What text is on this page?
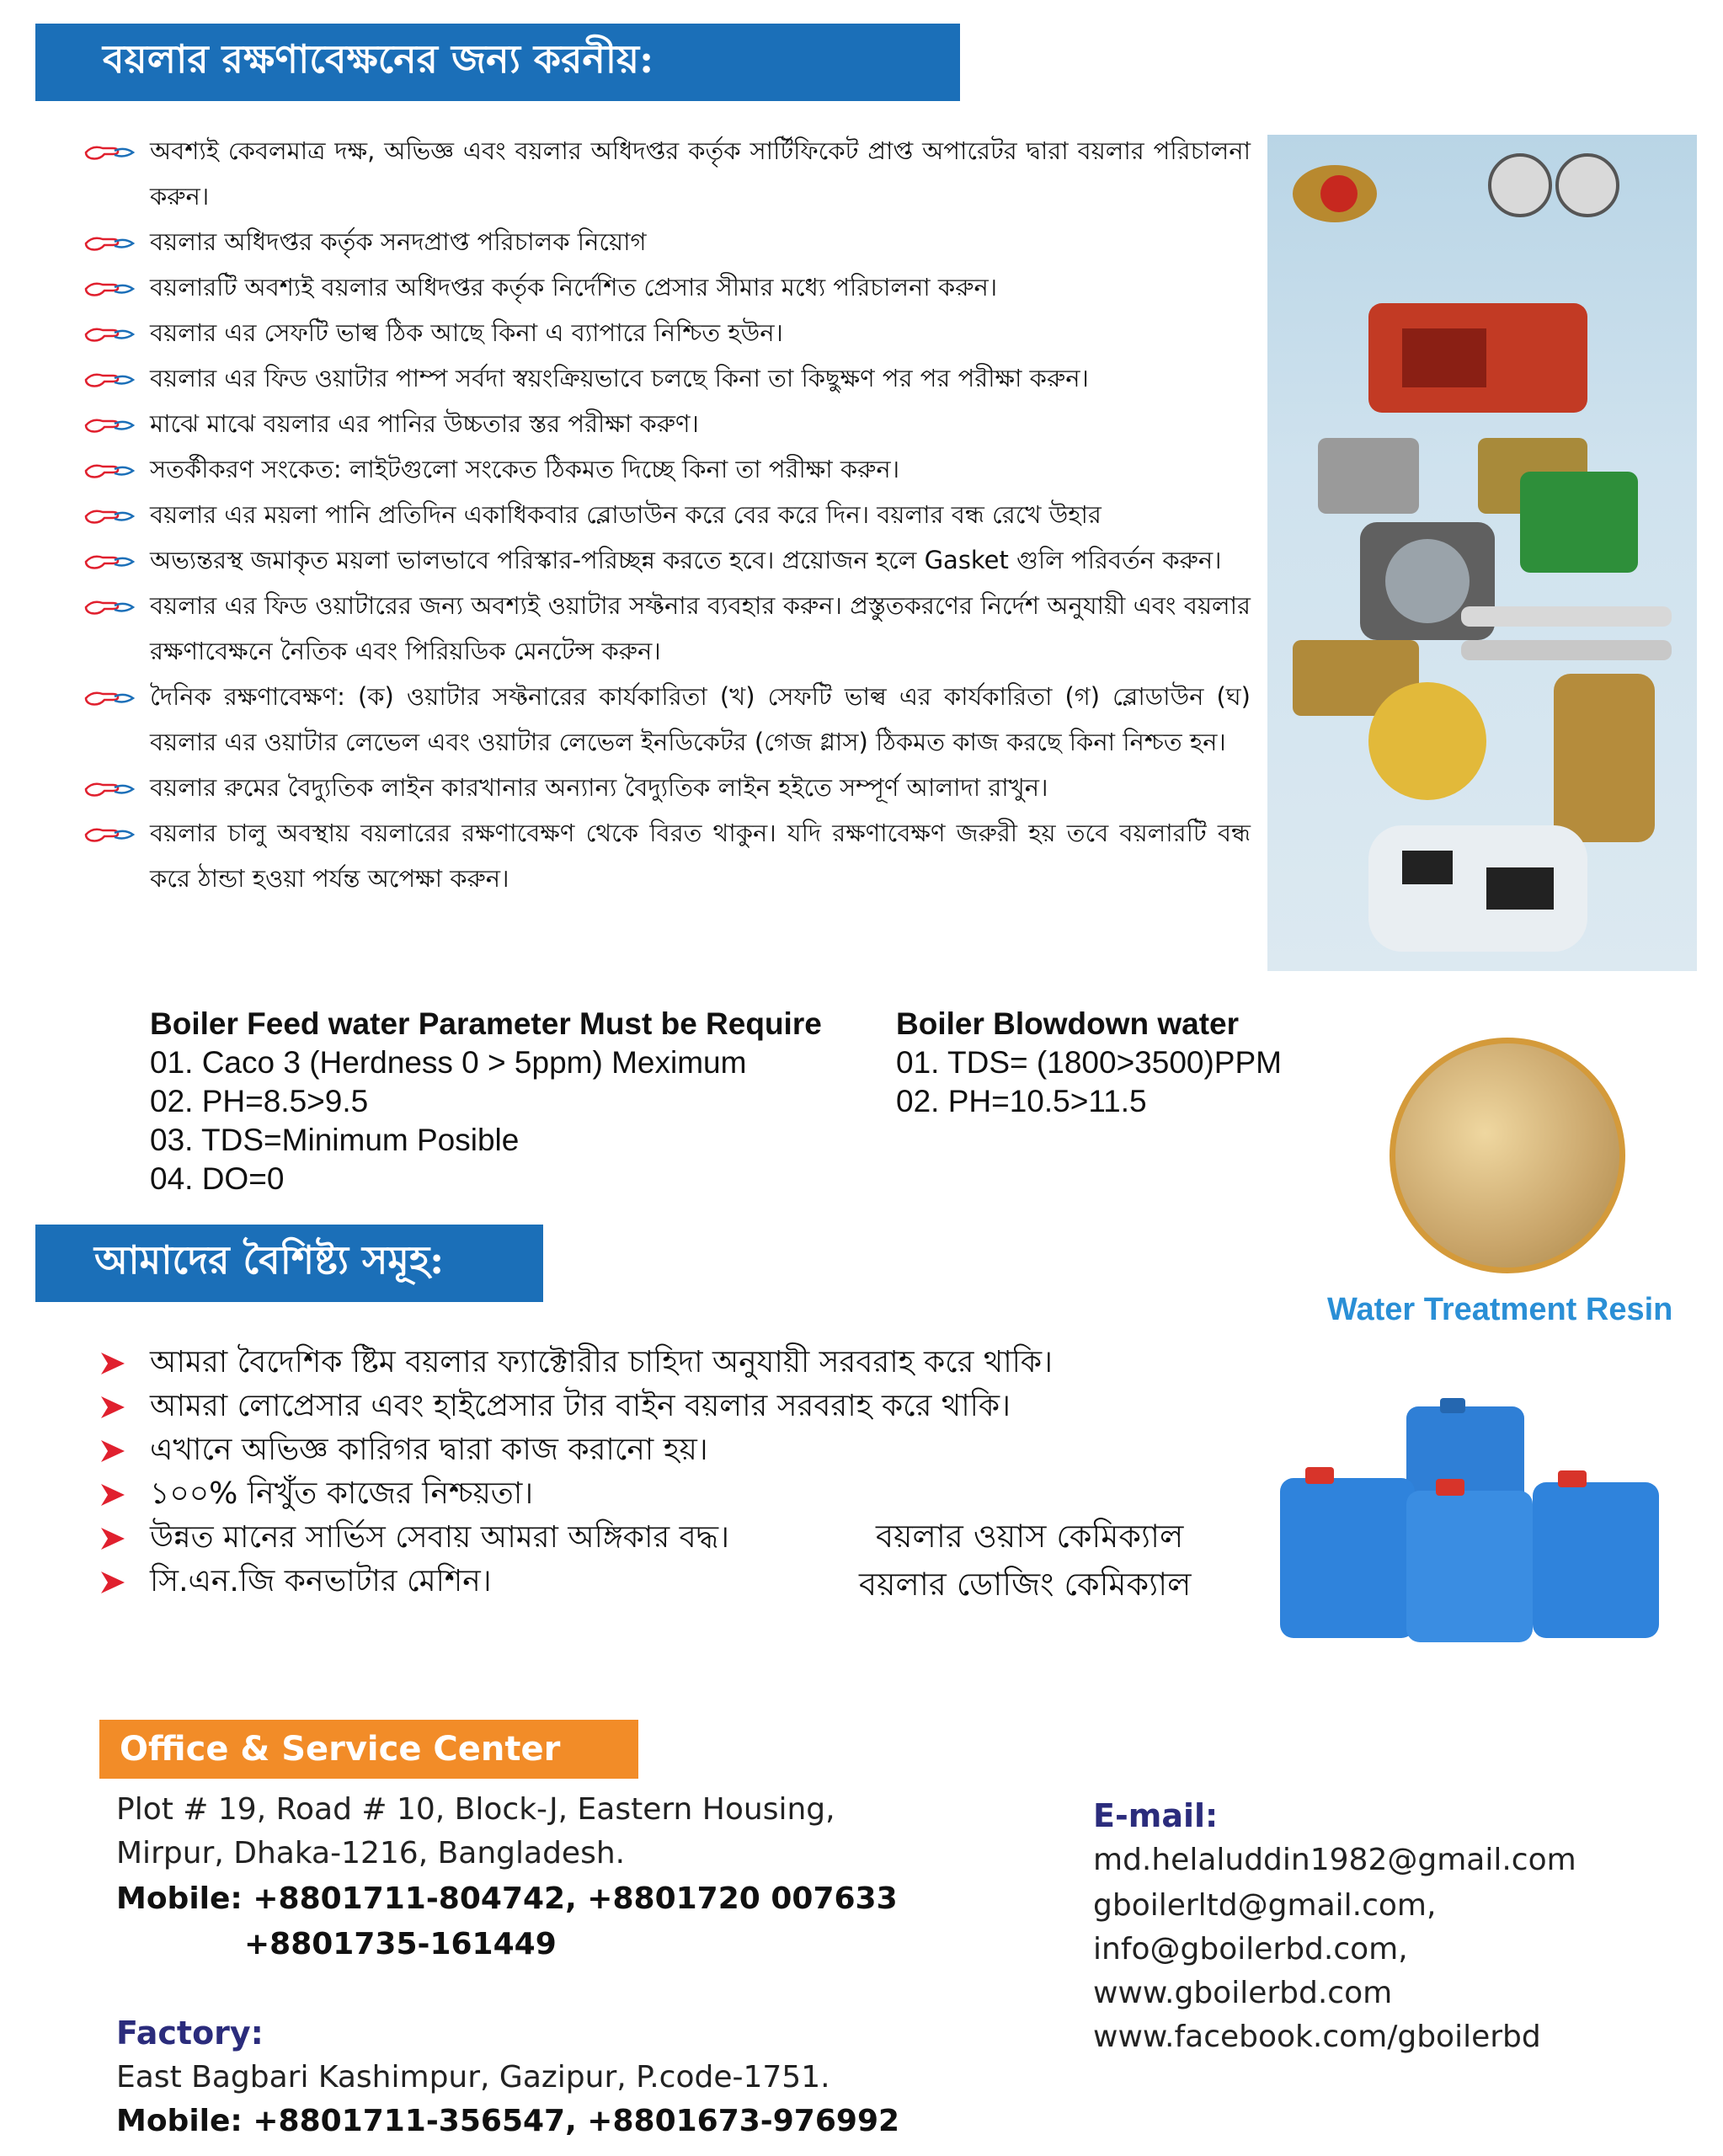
বয়লার রক্ষণাবেক্ষনের জন্য করনীয়:
অবশ্যই কেবলমাত্র দক্ষ, অভিজ্ঞ এবং বয়লার অধিদপ্তর কর্তৃক সার্টিফিকেট প্রাপ্ত অপারেটর দ্বারা বয়লার পরিচালনা করুন।
বয়লার অধিদপ্তর কর্তৃক সনদপ্রাপ্ত পরিচালক নিয়োগ
বয়লারটি অবশ্যই বয়লার অধিদপ্তর কর্তৃক নির্দেশিত প্রেসার সীমার মধ্যে পরিচালনা করুন।
বয়লার এর সেফটি ভাল্ব ঠিক আছে কিনা এ ব্যাপারে নিশ্চিত হউন।
বয়লার এর ফিড ওয়াটার পাম্প সর্বদা স্বয়ংক্রিয়ভাবে চলছে কিনা তা কিছুক্ষণ পর পর পরীক্ষা করুন।
মাঝে মাঝে বয়লার এর পানির উচ্চতার স্তর পরীক্ষা করুণ।
সতর্কীকরণ সংকেত: লাইটগুলো সংকেত ঠিকমত দিচ্ছে কিনা তা পরীক্ষা করুন।
বয়লার এর ময়লা পানি প্রতিদিন একাধিকবার ব্লোডাউন করে বের করে দিন। বয়লার বন্ধ রেখে উহার
অভ্যন্তরস্থ জমাকৃত ময়লা ভালভাবে পরিস্কার-পরিচ্ছন্ন করতে হবে। প্রয়োজন হলে Gasket গুলি পরিবর্তন করুন।
বয়লার এর ফিড ওয়াটারের জন্য অবশ্যই ওয়াটার সফ্টনার ব্যবহার করুন। প্রস্তুতকরণের নির্দেশ অনুযায়ী এবং বয়লার রক্ষণাবেক্ষনে নৈতিক এবং পিরিয়ডিক মেনটেন্স করুন।
দৈনিক রক্ষণাবেক্ষণ: (ক) ওয়াটার সফ্টনারের কার্যকারিতা (খ) সেফটি ভাল্ব এর কার্যকারিতা (গ) ব্লোডাউন (ঘ) বয়লার এর ওয়াটার লেভেল এবং ওয়াটার লেভেল ইনডিকেটর (গেজ গ্লাস) ঠিকমত কাজ করছে কিনা নিশ্চত হন।
বয়লার রুমের বৈদ্যুতিক লাইন কারখানার অন্যান্য বৈদ্যুতিক লাইন হইতে সম্পূর্ণ আলাদা রাখুন।
বয়লার চালু অবস্থায় বয়লারের রক্ষণাবেক্ষণ থেকে বিরত থাকুন। যদি রক্ষণাবেক্ষণ জরুরী হয় তবে বয়লারটি বন্ধ করে ঠান্ডা হওয়া পর্যন্ত অপেক্ষা করুন।
Boiler Feed water Parameter Must be Require
01. Caco 3 (Herdness 0 > 5ppm) Meximum
02. PH=8.5>9.5
03. TDS=Minimum Posible
04. DO=0
Boiler Blowdown water
01. TDS= (1800>3500)PPM
02. PH=10.5>11.5
Water Treatment Resin
আমাদের বৈশিষ্ট্য সমূহ:
আমরা বৈদেশিক ষ্টিম বয়লার ফ্যাক্টোরীর চাহিদা অনুযায়ী সরবরাহ করে থাকি।
আমরা লোপ্রেসার এবং হাইপ্রেসার টার বাইন বয়লার সরবরাহ করে থাকি।
এখানে অভিজ্ঞ কারিগর দ্বারা কাজ করানো হয়।
১০০% নিখুঁত কাজের নিশ্চয়তা।
উন্নত মানের সার্ভিস সেবায় আমরা অঙ্গিকার বদ্ধ।
সি.এন.জি কনভাটার মেশিন।
বয়লার ওয়াস কেমিক্যাল
বয়লার ডোজিং কেমিক্যাল
Office & Service Center
Plot # 19, Road # 10, Block-J, Eastern Housing,
Mirpur, Dhaka-1216, Bangladesh.
Mobile: +8801711-804742, +8801720 007633
+8801735-161449
Factory:
East Bagbari Kashimpur, Gazipur, P.code-1751.
Mobile: +8801711-356547, +8801673-976992
E-mail:
md.helaluddin1982@gmail.com
gboilerltd@gmail.com,
info@gboilerbd.com,
www.gboilerbd.com
www.facebook.com/gboilerbd
